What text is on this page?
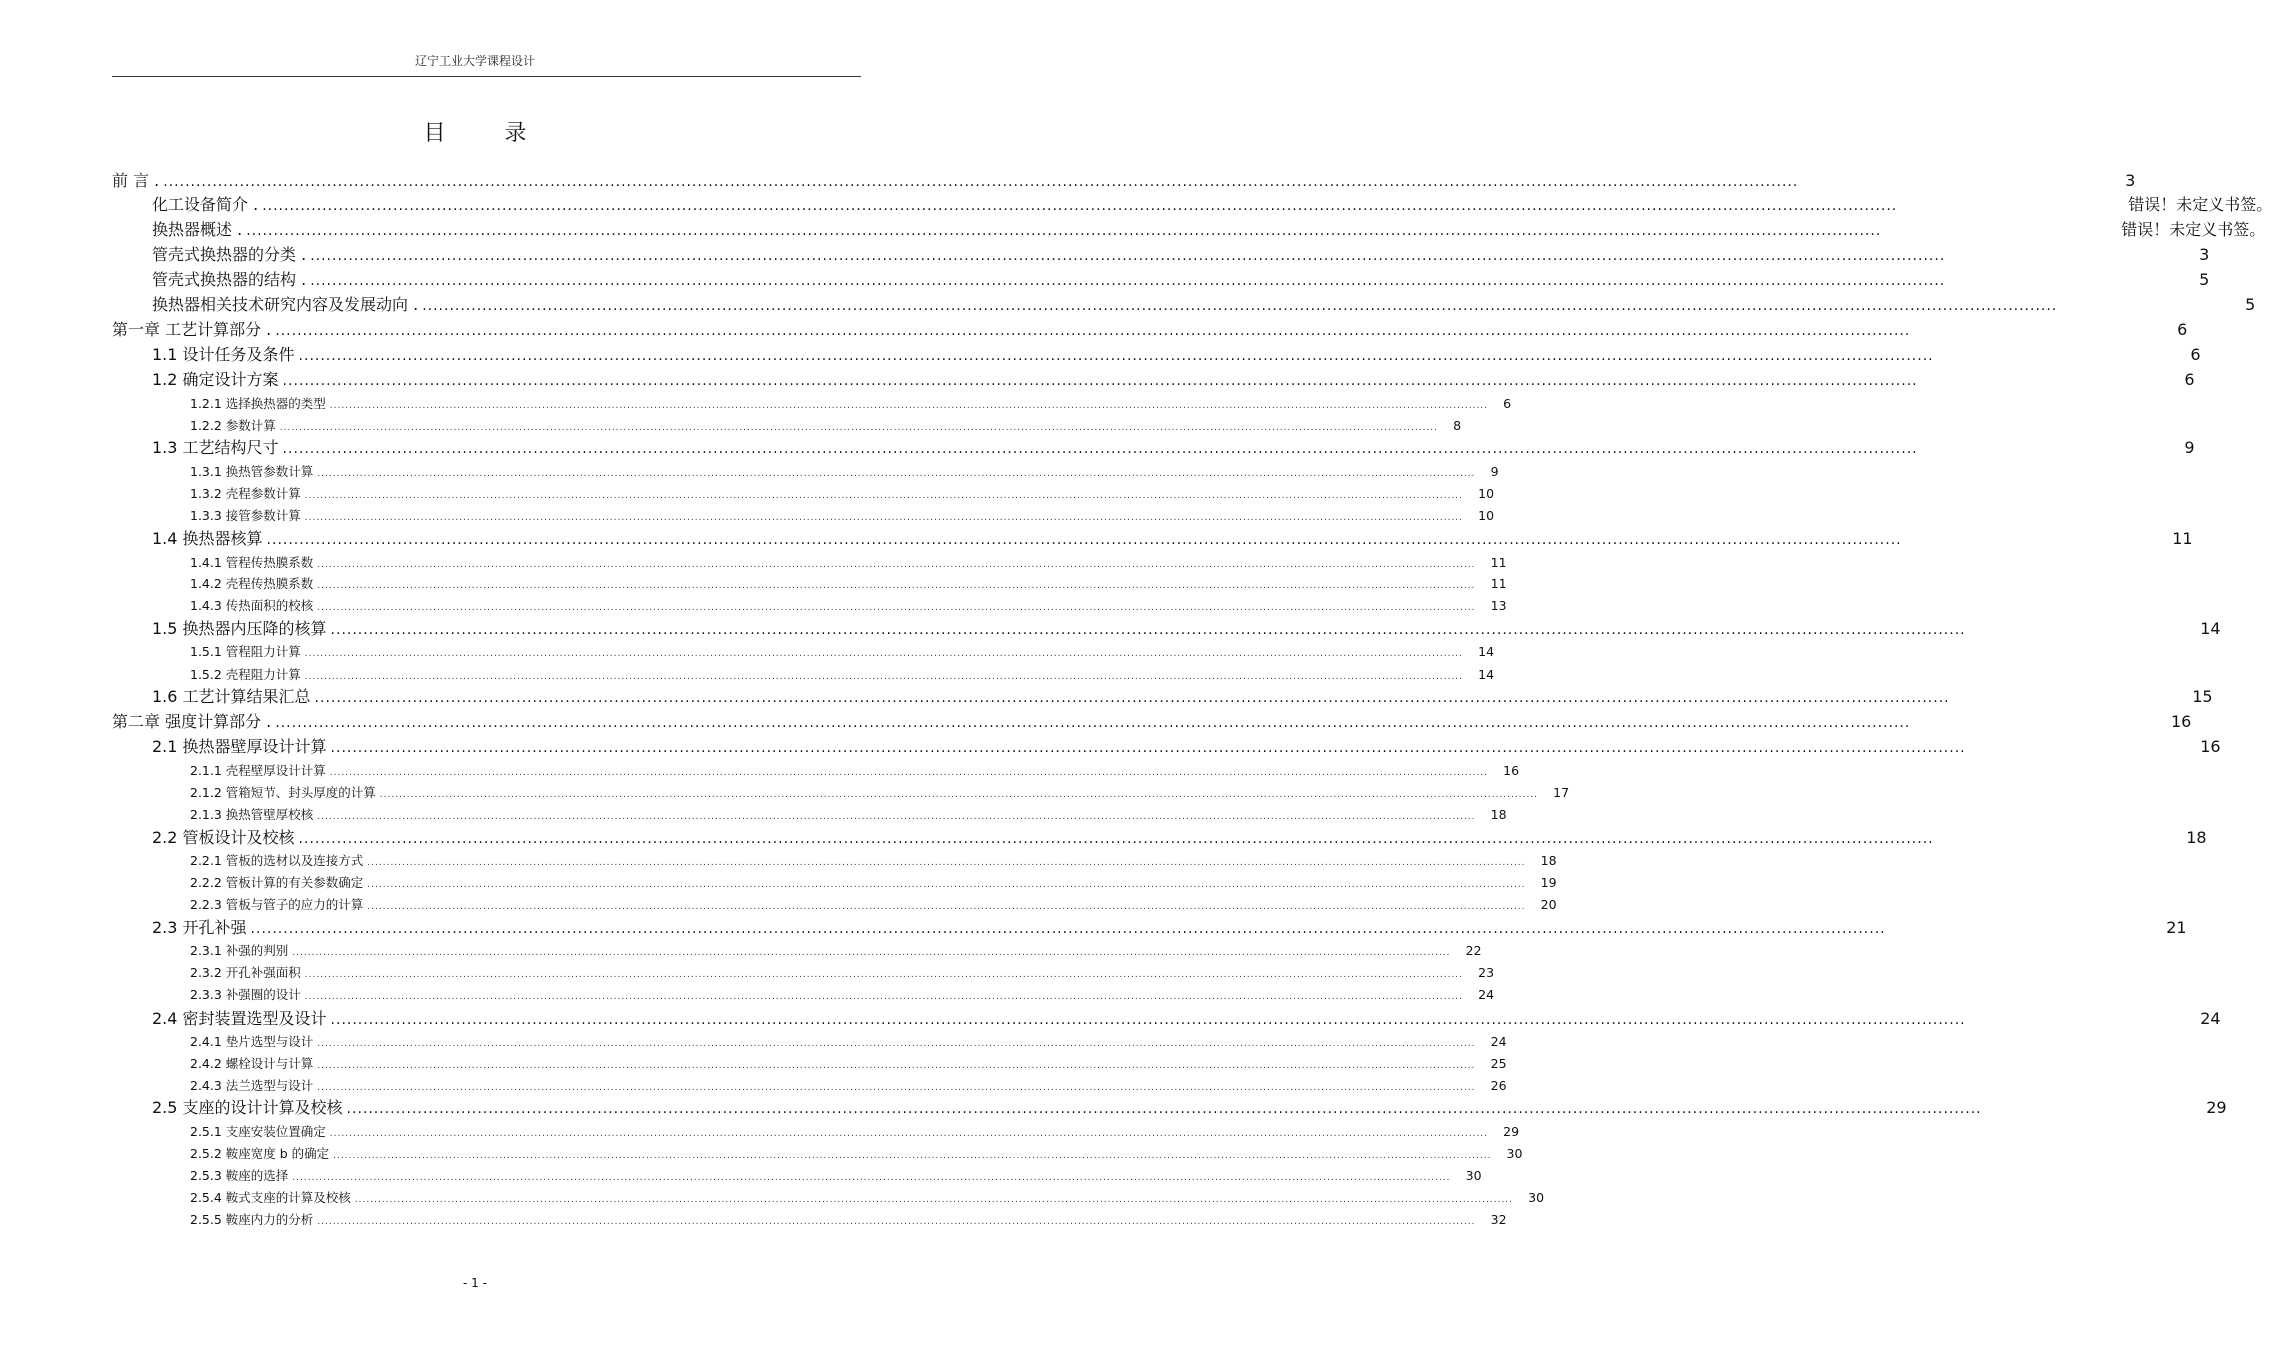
辽宁工业大学课程设计
目 录
前 言 . ............................................................................................................................................................................................................................................................................................................	3
化工设备简介 . ............................................................................................................................................................................................................................................................................................................	错误！未定义书签。
换热器概述 . ............................................................................................................................................................................................................................................................................................................	错误！未定义书签。
管壳式换热器的分类 . ............................................................................................................................................................................................................................................................................................................	3
管壳式换热器的结构 . ............................................................................................................................................................................................................................................................................................................	5
换热器相关技术研究内容及发展动向 . ............................................................................................................................................................................................................................................................................................................	5
第一章 工艺计算部分 . ............................................................................................................................................................................................................................................................................................................	6
1.1 设计任务及条件 ............................................................................................................................................................................................................................................................................................................	6
1.2 确定设计方案 ............................................................................................................................................................................................................................................................................................................	6
1.2.1 选择换热器的类型 ............................................................................................................................................................................................................................................................................................................ 6
1.2.2 参数计算 ............................................................................................................................................................................................................................................................................................................ 8
1.3 工艺结构尺寸 ............................................................................................................................................................................................................................................................................................................	9
1.3.1 换热管参数计算 ............................................................................................................................................................................................................................................................................................................ 9
1.3.2 壳程参数计算 ............................................................................................................................................................................................................................................................................................................ 10
1.3.3 接管参数计算 ............................................................................................................................................................................................................................................................................................................ 10
1.4 换热器核算 ............................................................................................................................................................................................................................................................................................................	11
1.4.1 管程传热膜系数 ............................................................................................................................................................................................................................................................................................................ 11
1.4.2 壳程传热膜系数 ............................................................................................................................................................................................................................................................................................................ 11
1.4.3 传热面积的校核 ............................................................................................................................................................................................................................................................................................................ 13
1.5 换热器内压降的核算 ............................................................................................................................................................................................................................................................................................................	14
1.5.1 管程阻力计算 ............................................................................................................................................................................................................................................................................................................ 14
1.5.2 壳程阻力计算 ............................................................................................................................................................................................................................................................................................................ 14
1.6 工艺计算结果汇总 ............................................................................................................................................................................................................................................................................................................	15
第二章 强度计算部分 . ............................................................................................................................................................................................................................................................................................................	16
2.1 换热器壁厚设计计算 ............................................................................................................................................................................................................................................................................................................	16
2.1.1 壳程壁厚设计计算 ............................................................................................................................................................................................................................................................................................................ 16
2.1.2 管箱短节、封头厚度的计算 ............................................................................................................................................................................................................................................................................................................ 17
2.1.3 换热管壁厚校核 ............................................................................................................................................................................................................................................................................................................ 18
2.2 管板设计及校核 ............................................................................................................................................................................................................................................................................................................	18
2.2.1 管板的选材以及连接方式 ............................................................................................................................................................................................................................................................................................................ 18
2.2.2 管板计算的有关参数确定 ............................................................................................................................................................................................................................................................................................................ 19
2.2.3 管板与管子的应力的计算 ............................................................................................................................................................................................................................................................................................................ 20
2.3 开孔补强 ............................................................................................................................................................................................................................................................................................................	21
2.3.1 补强的判别 ............................................................................................................................................................................................................................................................................................................ 22
2.3.2 开孔补强面积 ............................................................................................................................................................................................................................................................................................................ 23
2.3.3 补强圈的设计 ............................................................................................................................................................................................................................................................................................................ 24
2.4 密封装置选型及设计 ............................................................................................................................................................................................................................................................................................................	24
2.4.1 垫片选型与设计 ............................................................................................................................................................................................................................................................................................................ 24
2.4.2 螺栓设计与计算 ............................................................................................................................................................................................................................................................................................................ 25
2.4.3 法兰选型与设计 ............................................................................................................................................................................................................................................................................................................ 26
2.5 支座的设计计算及校核 ............................................................................................................................................................................................................................................................................................................	29
2.5.1 支座安装位置确定 ............................................................................................................................................................................................................................................................................................................ 29
2.5.2 鞍座宽度 b 的确定 ............................................................................................................................................................................................................................................................................................................ 30
2.5.3 鞍座的选择 ............................................................................................................................................................................................................................................................................................................ 30
2.5.4 鞍式支座的计算及校核 ............................................................................................................................................................................................................................................................................................................ 30
2.5.5 鞍座内力的分析 ............................................................................................................................................................................................................................................................................................................ 32
- 1 -
